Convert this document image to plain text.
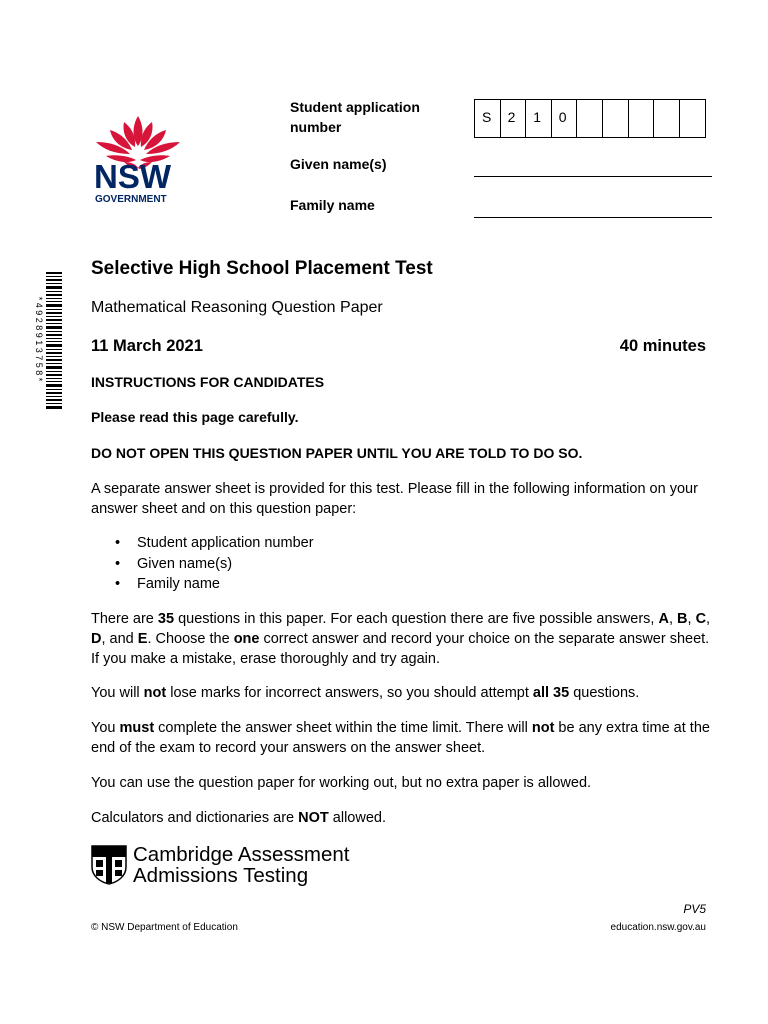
NSW
GOVERNMENT
Student application
number
S	2	1	0
Given name(s)
Family name
* 4 9 2 8 9 1 3 7 5 8 *
Selective High School Placement Test
Mathematical Reasoning Question Paper
11 March 2021	40 minutes
INSTRUCTIONS FOR CANDIDATES
Please read this page carefully.
DO NOT OPEN THIS QUESTION PAPER UNTIL YOU ARE TOLD TO DO SO.
A separate answer sheet is provided for this test. Please fill in the following information on your answer sheet and on this question paper:
• Student application number
• Given name(s)
• Family name
There are 35 questions in this paper. For each question there are five possible answers, A, B, C, D, and E. Choose the one correct answer and record your choice on the separate answer sheet. If you make a mistake, erase thoroughly and try again.
You will not lose marks for incorrect answers, so you should attempt all 35 questions.
You must complete the answer sheet within the time limit. There will not be any extra time at the end of the exam to record your answers on the answer sheet.
You can use the question paper for working out, but no extra paper is allowed.
Calculators and dictionaries are NOT allowed.
Cambridge Assessment
Admissions Testing
PV5
© NSW Department of Education	education.nsw.gov.au
